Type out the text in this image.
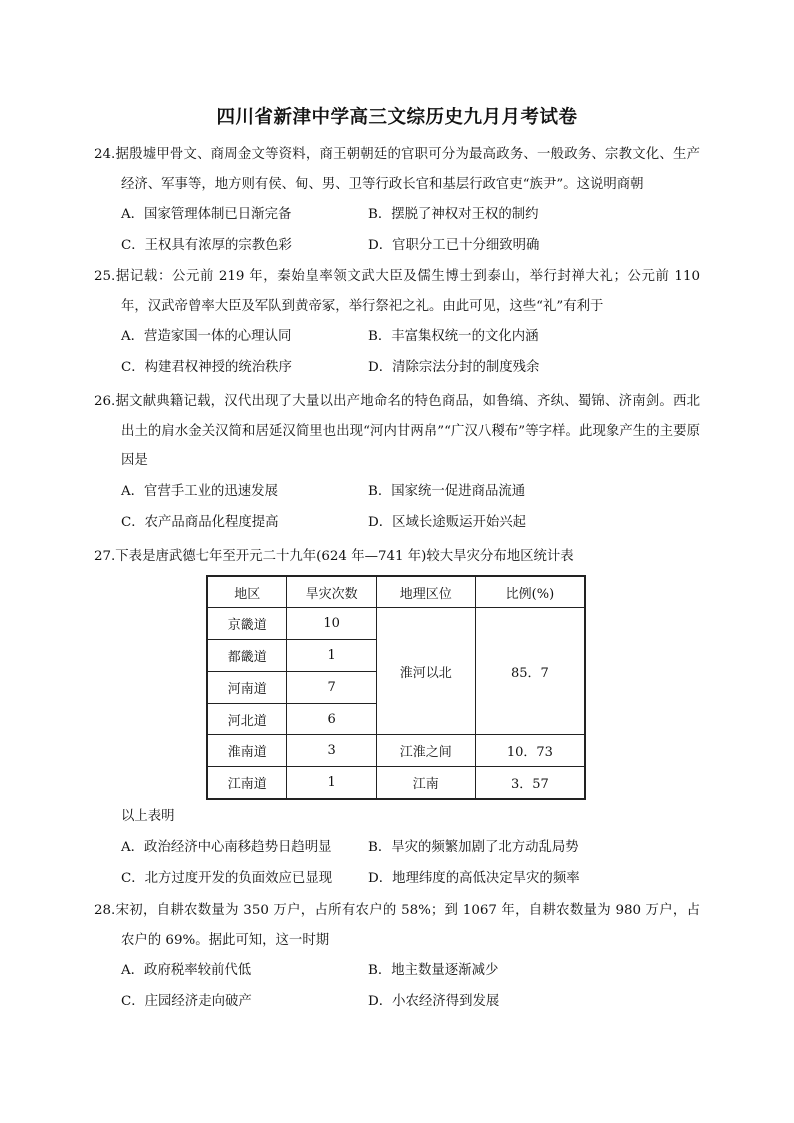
四川省新津中学高三文综历史九月月考试卷

24.据殷墟甲骨文、商周金文等资料，商王朝朝廷的官职可分为最高政务、一般政务、宗教文化、生产经济、军事等，地方则有侯、甸、男、卫等行政长官和基层行政官吏“族尹”。这说明商朝

A．国家管理体制已日渐完备	B．摆脱了神权对王权的制约
C．王权具有浓厚的宗教色彩	D．官职分工已十分细致明确

25.据记载：公元前 219 年，秦始皇率领文武大臣及儒生博士到泰山，举行封禅大礼；公元前 110 年，汉武帝曾率大臣及军队到黄帝冢，举行祭祀之礼。由此可见，这些“礼”有利于

A．营造家国一体的心理认同	B．丰富集权统一的文化内涵
C．构建君权神授的统治秩序	D．清除宗法分封的制度残余

26.据文献典籍记载，汉代出现了大量以出产地命名的特色商品，如鲁缟、齐纨、蜀锦、济南剑。西北出土的肩水金关汉简和居延汉简里也出现“河内甘两帛”“广汉八稯布”等字样。此现象产生的主要原因是

A．官营手工业的迅速发展	B．国家统一促进商品流通
C．农产品商品化程度提高	D．区域长途贩运开始兴起

27.下表是唐武德七年至开元二十九年(624 年—741 年)较大旱灾分布地区统计表

地区	旱灾次数	地理区位	比例(%)
京畿道	10	淮河以北	85．7
都畿道	1		
河南道	7		
河北道	6		
淮南道	3	江淮之间	10．73
江南道	1	江南	3．57
以上表明
A．政治经济中心南移趋势日趋明显	B．旱灾的频繁加剧了北方动乱局势
C．北方过度开发的负面效应已显现	D．地理纬度的高低决定旱灾的频率

28.宋初，自耕农数量为 350 万户，占所有农户的 58%；到 1067 年，自耕农数量为 980 万户，占农户的 69%。据此可知，这一时期

A．政府税率较前代低	B．地主数量逐渐减少
C．庄园经济走向破产	D．小农经济得到发展
